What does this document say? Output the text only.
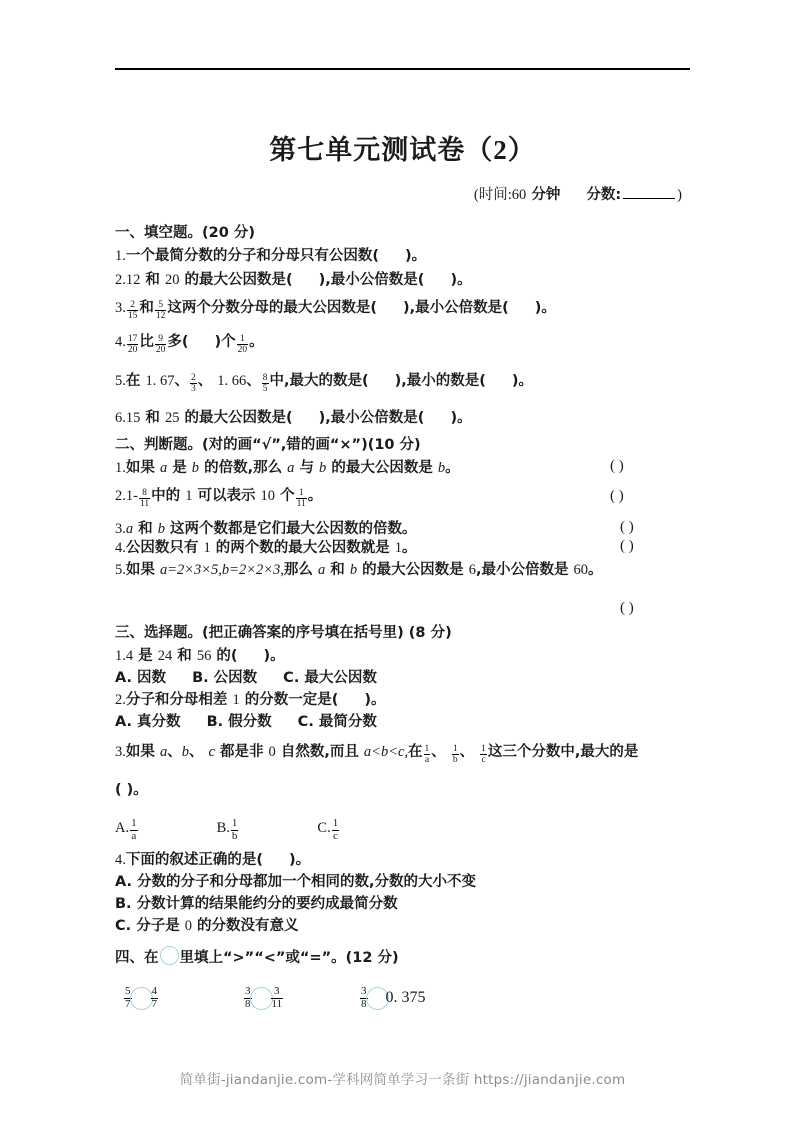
第七单元测试卷（2）
(时间:60 分钟 分数:	)
一、填空题。(20 分)
1.一个最简分数的分子和分母只有公因数( )。
2.12 和 20 的最大公因数是( ),最小公倍数是( )。
3. $\frac{2}{15}$ 和 $\frac{5}{12}$ 这两个分数分母的最大公因数是( ),最小公倍数是( )。
4. $\frac{17}{20}$ 比 $\frac{9}{20}$ 多( )个 $\frac{1}{20}$ 。
5.在 1. 67、 $\frac{2}{3}$ 、 1. 66、 $\frac{8}{5}$ 中,最大的数是( ),最小的数是( )。
6.15 和 25 的最大公因数是( ),最小公倍数是( )。
二、判断题。(对的画“√”,错的画“×”)(10 分)
1.如果 a 是 b 的倍数,那么 a 与 b 的最大公因数是 b。	( )
$2.1- \frac{8}{11}$ 中的 1 可以表示 10 个 $\frac{1}{11}$ 。	( )
3.a 和 b 这两个数都是它们最大公因数的倍数。	( )
4.公因数只有 1 的两个数的最大公因数就是 1。	( )
5.如果 a=2×3×5,b=2×2×3,那么 a 和 b 的最大公因数是 6,最小公倍数是 60。
( )
三、选择题。(把正确答案的序号填在括号里) (8 分)
1.4 是 24 和 56 的( )。
A. 因数 B. 公因数 C. 最大公因数
2.分子和分母相差 1 的分数一定是( )。
A. 真分数 B. 假分数 C. 最简分数
3.如果 a、b、 c 都是非 0 自然数,而且 a<b<c,在 $\frac{1}{a}$ 、 $\frac{1}{b}$ 、 $\frac{1}{c}$ 这三个分数中,最大的是
( )。
A. $\frac{1}{a}$	B. $\frac{1}{b}$	C. $\frac{1}{c}$
4.下面的叙述正确的是( )。
A. 分数的分子和分母都加一个相同的数,分数的大小不变
B. 分数计算的结果能约分的要约成最简分数
C. 分子是 0 的分数没有意义
四、在 里填上“>”“<”或“=”。(12 分)
$\frac{5}{7} \frac{4}{7}$	$\frac{3}{8} \frac{3}{11}$	$\frac{3}{8} 0$. 375
简单街-jiandanjie.com-学科网简单学习一条街 https://jiandanjie.com
